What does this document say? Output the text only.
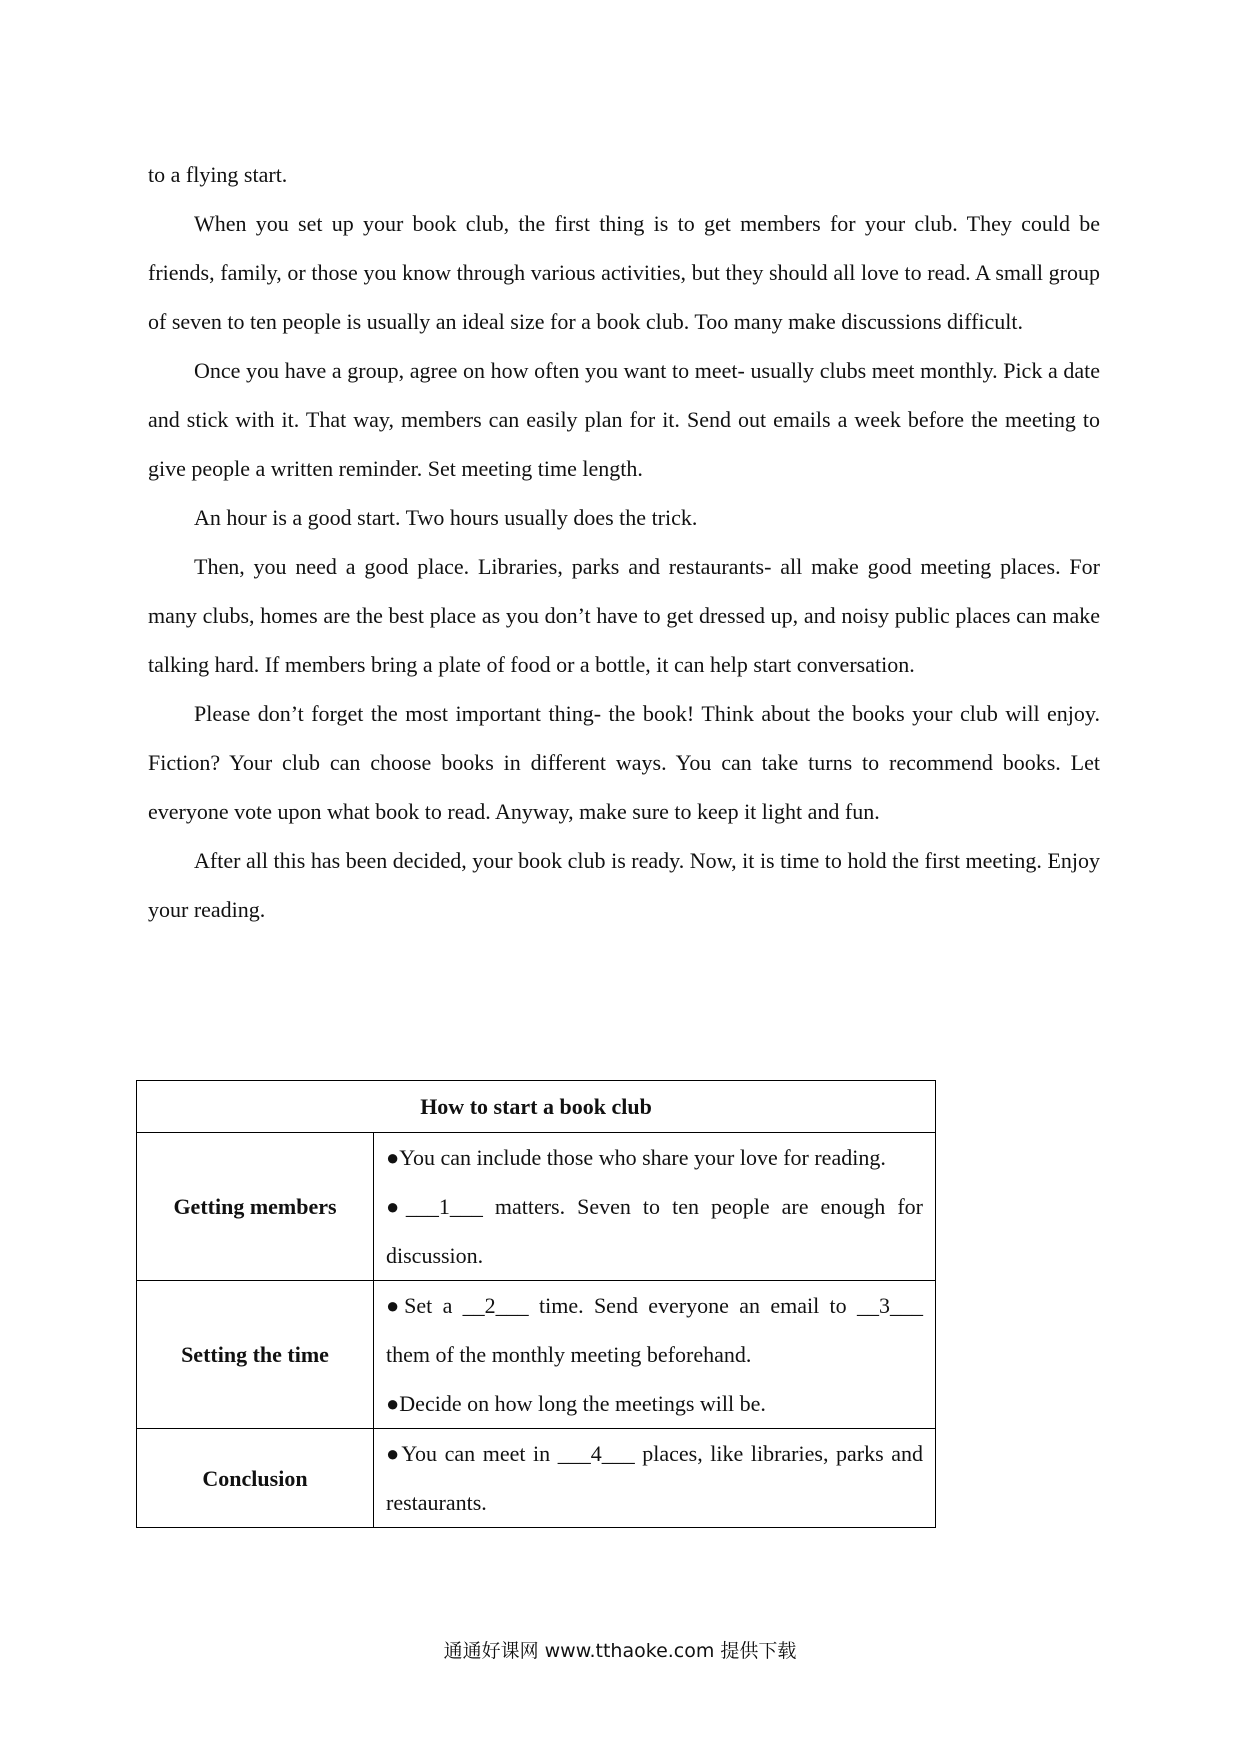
to a flying start.

When you set up your book club, the first thing is to get members for your club. They could be friends, family, or those you know through various activities, but they should all love to read. A small group of seven to ten people is usually an ideal size for a book club. Too many make discussions difficult.

Once you have a group, agree on how often you want to meet- usually clubs meet monthly. Pick a date and stick with it. That way, members can easily plan for it. Send out emails a week before the meeting to give people a written reminder. Set meeting time length.

An hour is a good start. Two hours usually does the trick.

Then, you need a good place. Libraries, parks and restaurants- all make good meeting places. For many clubs, homes are the best place as you don’t have to get dressed up, and noisy public places can make talking hard. If members bring a plate of food or a bottle, it can help start conversation.

Please don’t forget the most important thing- the book! Think about the books your club will enjoy. Fiction? Your club can choose books in different ways. You can take turns to recommend books. Let everyone vote upon what book to read. Anyway, make sure to keep it light and fun.

After all this has been decided, your book club is ready. Now, it is time to hold the first meeting. Enjoy your reading.

How to start a book club	
Getting members	●You can include those who share your love for reading.
●___1___ matters. Seven to ten people are enough for discussion.

Setting the time	●Set a __2___ time. Send everyone an email to __3___ them of the monthly meeting beforehand.
●Decide on how long the meetings will be.

Conclusion	●You can meet in ___4___ places, like libraries, parks and restaurants.
通通好课网 www.tthaoke.com 提供下载
